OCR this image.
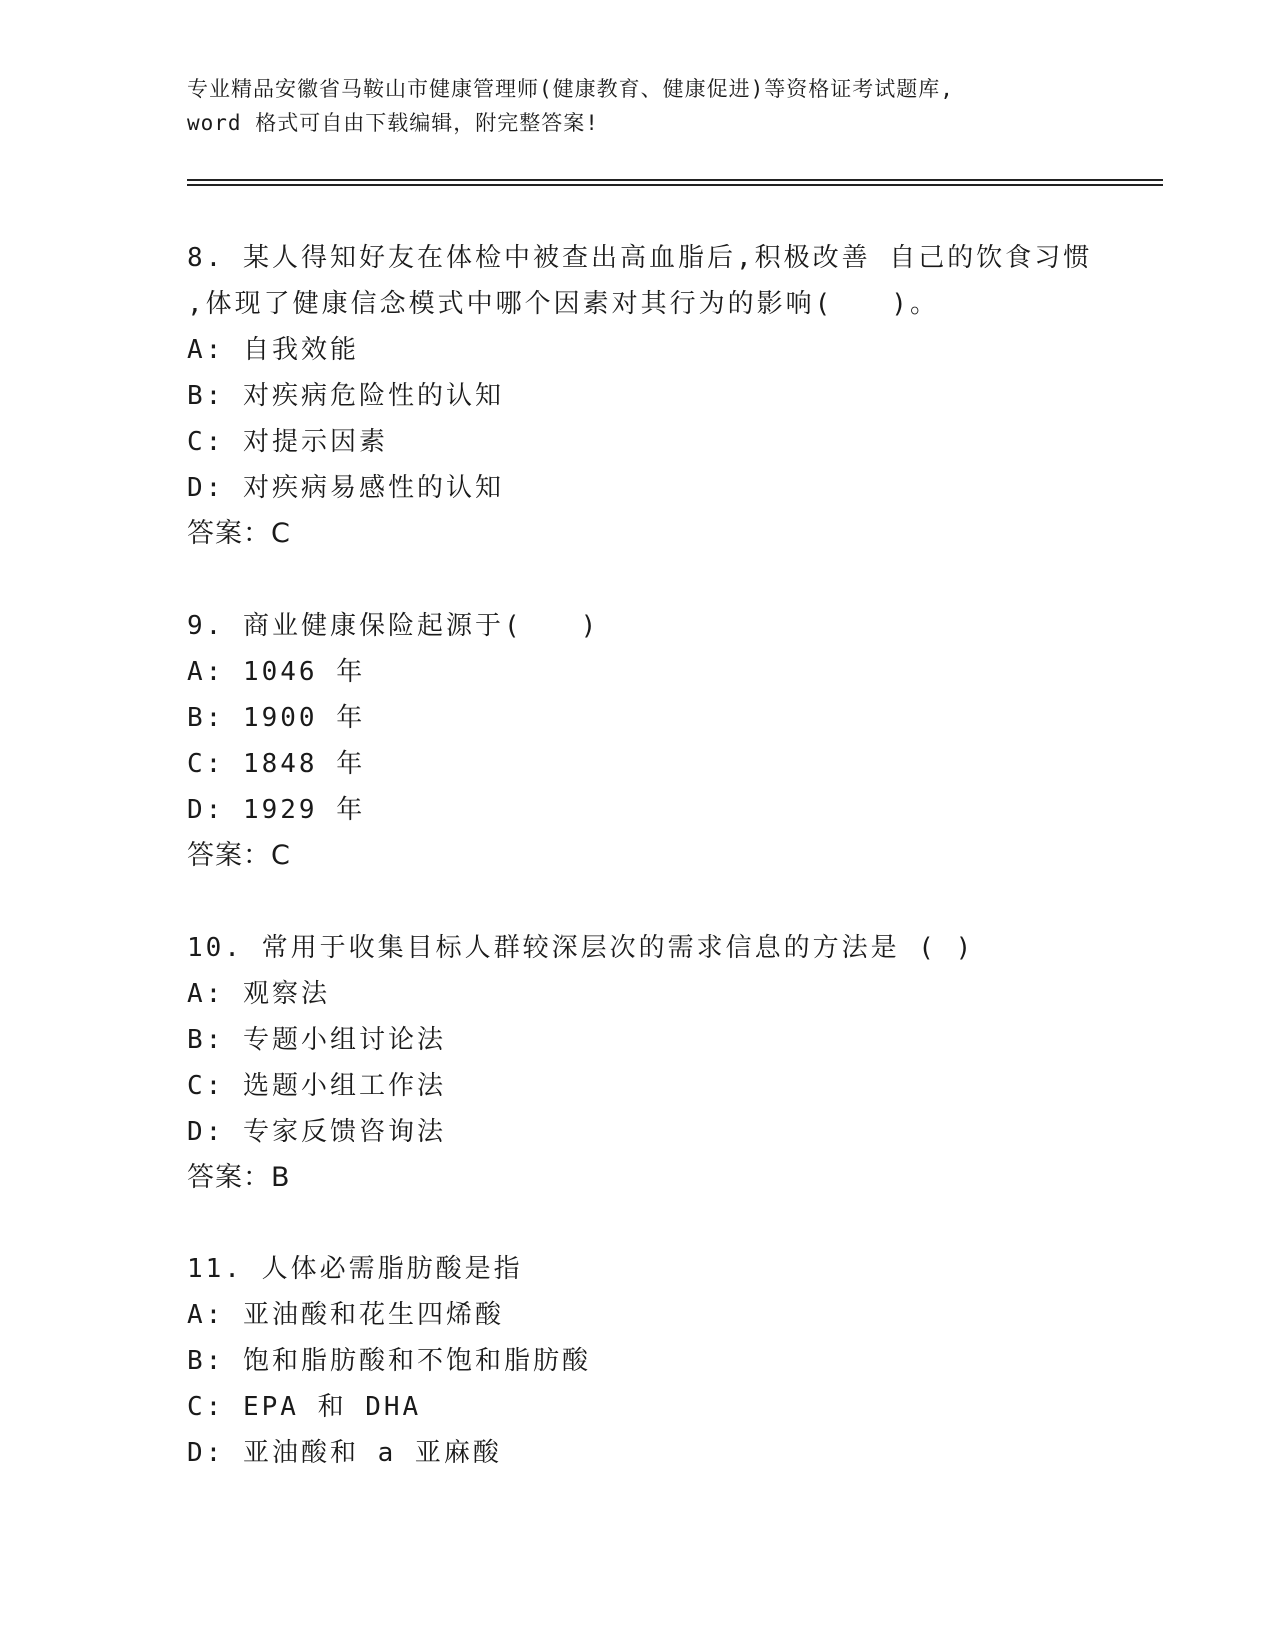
专业精品安徽省马鞍山市健康管理师(健康教育、健康促进)等资格证考试题库,

word 格式可自由下载编辑，附完整答案!

8. 某人得知好友在体检中被查出高血脂后,积极改善 自己的饮食习惯
,体现了健康信念模式中哪个因素对其行为的影响(　　)。
A: 自我效能
B: 对疾病危险性的认知
C: 对提示因素
D: 对疾病易感性的认知
答案：C
9. 商业健康保险起源于(　　)
A: 1046 年
B: 1900 年
C: 1848 年
D: 1929 年
答案：C
10. 常用于收集目标人群较深层次的需求信息的方法是 ( )
A: 观察法
B: 专题小组讨论法
C: 选题小组工作法
D: 专家反馈咨询法
答案：B
11. 人体必需脂肪酸是指
A: 亚油酸和花生四烯酸
B: 饱和脂肪酸和不饱和脂肪酸
C: EPA 和 DHA
D: 亚油酸和 a 亚麻酸
